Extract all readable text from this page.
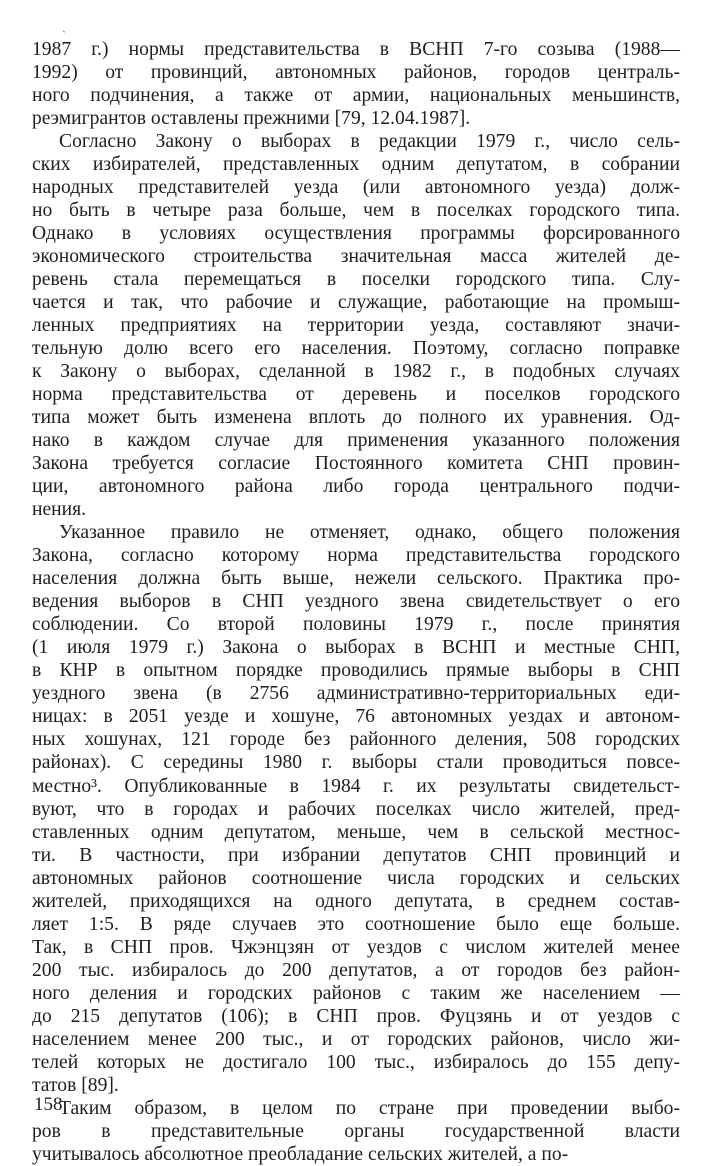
1987 г.) нормы представительства в ВСНП 7-го созыва (1988—
1992) от провинций, автономных районов, городов централь-
ного подчинения, а также от армии, национальных меньшинств,
реэмигрантов оставлены прежними [79, 12.04.1987].
Согласно Закону о выборах в редакции 1979 г., число сель-
ских избирателей, представленных одним депутатом, в собрании
народных представителей уезда (или автономного уезда) долж-
но быть в четыре раза больше, чем в поселках городского типа.
Однако в условиях осуществления программы форсированного
экономического строительства значительная масса жителей де-
ревень стала перемещаться в поселки городского типа. Слу-
чается и так, что рабочие и служащие, работающие на промыш-
ленных предприятиях на территории уезда, составляют значи-
тельную долю всего его населения. Поэтому, согласно поправке
к Закону о выборах, сделанной в 1982 г., в подобных случаях
норма представительства от деревень и поселков городского
типа может быть изменена вплоть до полного их уравнения. Од-
нако в каждом случае для применения указанного положения
Закона требуется согласие Постоянного комитета СНП провин-
ции, автономного района либо города центрального подчи-
нения.
Указанное правило не отменяет, однако, общего положения
Закона, согласно которому норма представительства городского
населения должна быть выше, нежели сельского. Практика про-
ведения выборов в СНП уездного звена свидетельствует о его
соблюдении. Со второй половины 1979 г., после принятия
(1 июля 1979 г.) Закона о выборах в ВСНП и местные СНП,
в КНР в опытном порядке проводились прямые выборы в СНП
уездного звена (в 2756 административно-территориальных еди-
ницах: в 2051 уезде и хошуне, 76 автономных уездах и автоном-
ных хошунах, 121 городе без районного деления, 508 городских
районах). С середины 1980 г. выборы стали проводиться повсе-
местно³. Опубликованные в 1984 г. их результаты свидетельст-
вуют, что в городах и рабочих поселках число жителей, пред-
ставленных одним депутатом, меньше, чем в сельской местнос-
ти. В частности, при избрании депутатов СНП провинций и
автономных районов соотношение числа городских и сельских
жителей, приходящихся на одного депутата, в среднем состав-
ляет 1:5. В ряде случаев это соотношение было еще больше.
Так, в СНП пров. Чжэнцзян от уездов с числом жителей менее
200 тыс. избиралось до 200 депутатов, а от городов без район-
ного деления и городских районов с таким же населением —
до 215 депутатов (106); в СНП пров. Фуцзянь и от уездов с
населением менее 200 тыс., и от городских районов, число жи-
телей которых не достигало 100 тыс., избиралось до 155 депу-
татов [89].
Таким образом, в целом по стране при проведении выбо-
ров в представительные органы государственной власти
учитывалось абсолютное преобладание сельских жителей, а по-
158
ˋ
